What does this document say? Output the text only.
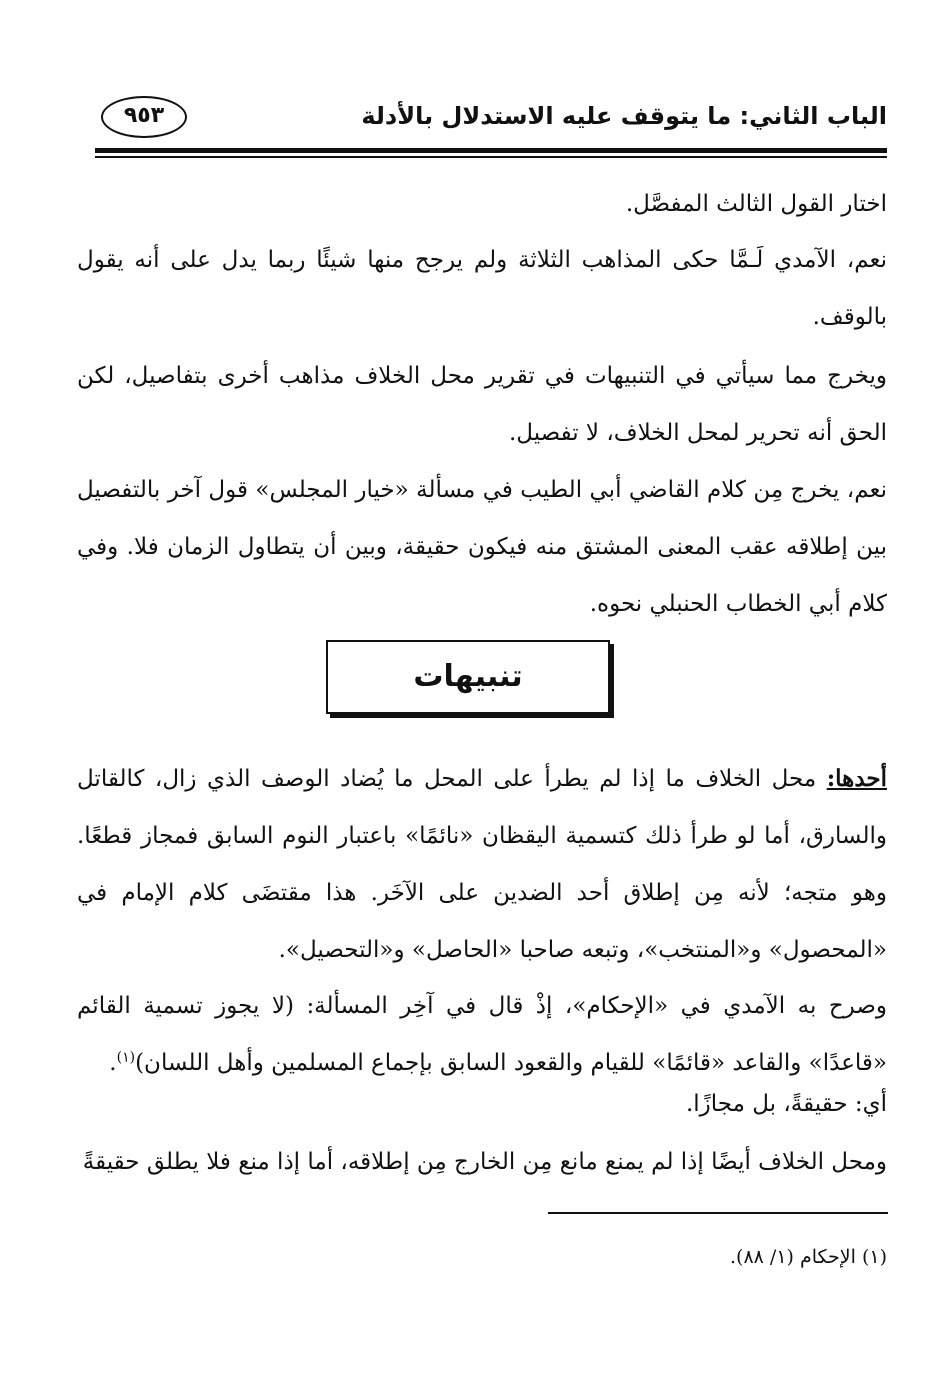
الباب الثاني: ما يتوقف عليه الاستدلال بالأدلة
٩٥٣

اختار القول الثالث المفصَّل.

نعم، الآمدي لَـمَّا حكى المذاهب الثلاثة ولم يرجح منها شيئًا ربما يدل على أنه يقول بالوقف.

ويخرج مما سيأتي في التنبيهات في تقرير محل الخلاف مذاهب أخرى بتفاصيل، لكن الحق أنه تحرير لمحل الخلاف، لا تفصيل.

نعم، يخرج مِن كلام القاضي أبي الطيب في مسألة «خيار المجلس» قول آخر بالتفصيل بين إطلاقه عقب المعنى المشتق منه فيكون حقيقة، وبين أن يتطاول الزمان فلا. وفي كلام أبي الخطاب الحنبلي نحوه.

تنبيهات

أحدها: محل الخلاف ما إذا لم يطرأ على المحل ما يُضاد الوصف الذي زال، كالقاتل والسارق، أما لو طرأ ذلك كتسمية اليقظان «نائمًا» باعتبار النوم السابق فمجاز قطعًا. وهو متجه؛ لأنه مِن إطلاق أحد الضدين على الآخَر. هذا مقتضَى كلام الإمام في «المحصول» و«المنتخب»، وتبعه صاحبا «الحاصل» و«التحصيل».

وصرح به الآمدي في «الإحكام»، إذْ قال في آخِر المسألة: (لا يجوز تسمية القائم «قاعدًا» والقاعد «قائمًا» للقيام والقعود السابق بإجماع المسلمين وأهل اللسان)$^{(١)}$.

أي: حقيقةً، بل مجازًا.

ومحل الخلاف أيضًا إذا لم يمنع مانع مِن الخارج مِن إطلاقه، أما إذا منع فلا يطلق حقيقةً

(١) الإحكام (١/ ٨٨).
